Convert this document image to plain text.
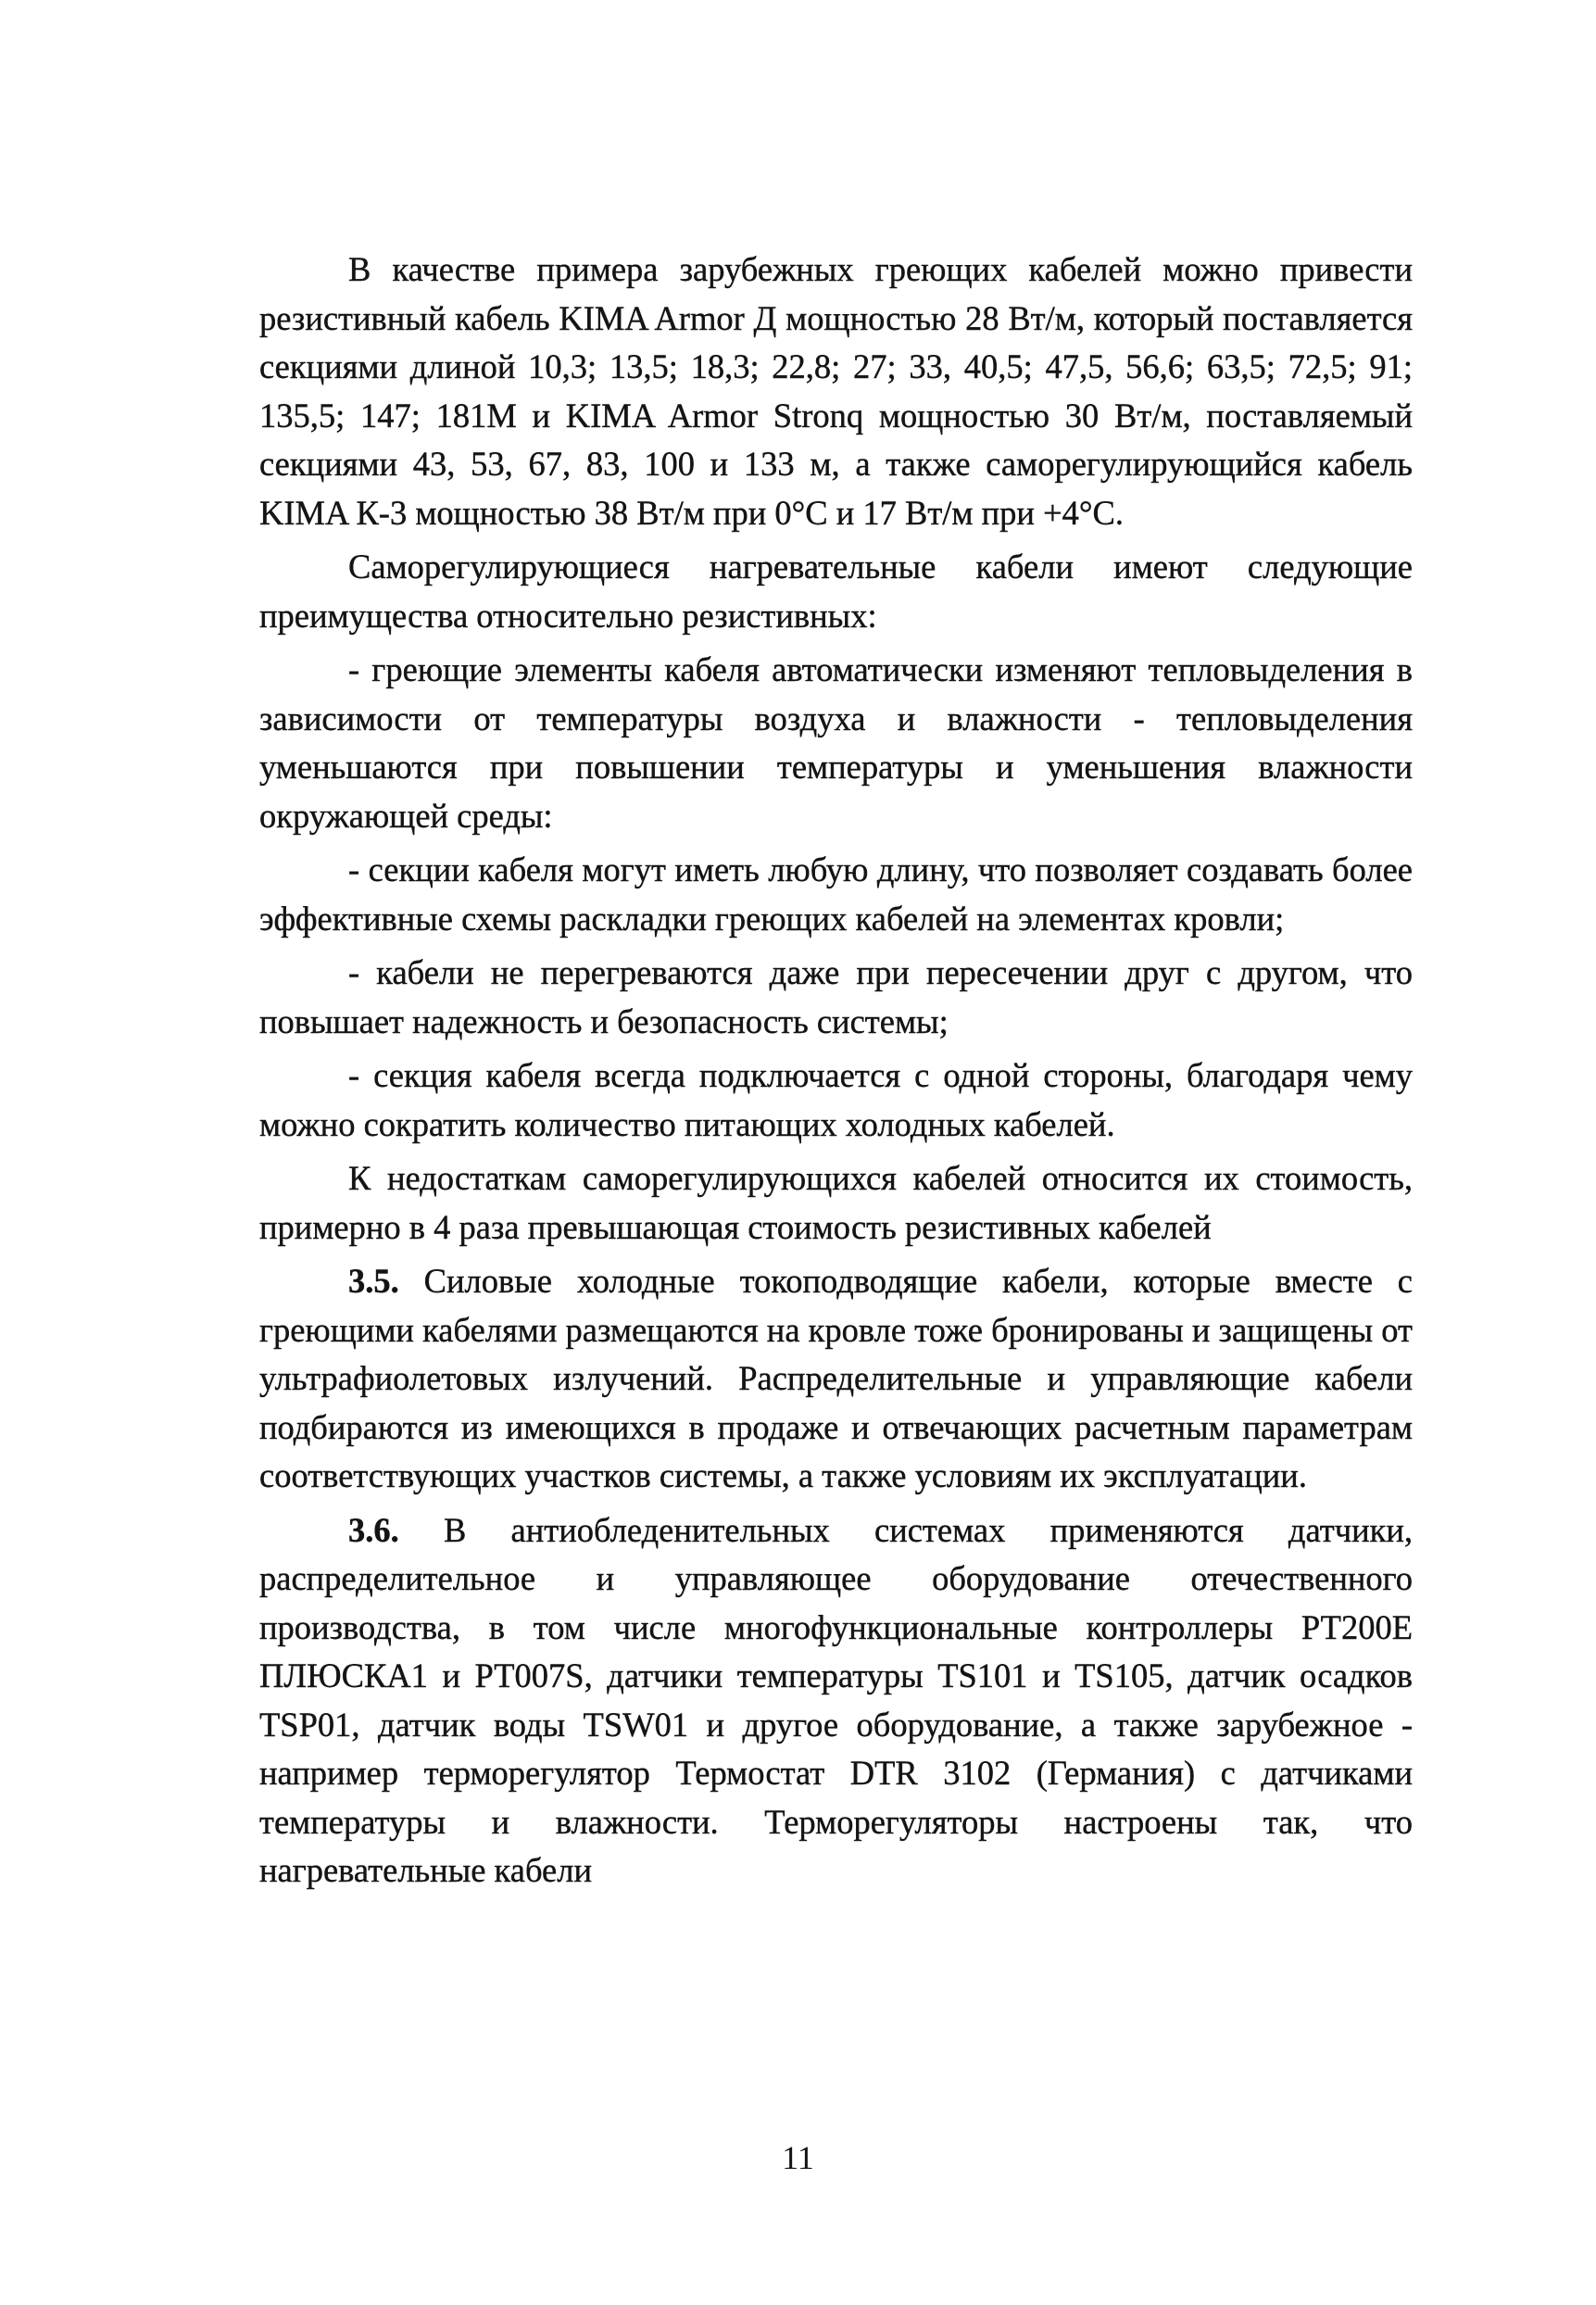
В качестве примера зарубежных греющих кабелей можно привести резистивный кабель KIMA Armor Д мощностью 28 Вт/м, который поставляется секциями длиной 10,3; 13,5; 18,3; 22,8; 27; 33, 40,5; 47,5, 56,6; 63,5; 72,5; 91; 135,5; 147; 181М и KIMA Armor Stronq мощностью 30 Вт/м, поставляемый секциями 43, 53, 67, 83, 100 и 133 м, а также саморегулирующийся кабель KIMA К-3 мощностью 38 Вт/м при 0°С и 17 Вт/м при +4°С.

Саморегулирующиеся нагревательные кабели имеют следующие преимущества относительно резистивных:

- греющие элементы кабеля автоматически изменяют тепловыделения в зависимости от температуры воздуха и влажности - тепловыделения уменьшаются при повышении температуры и уменьшения влажности окружающей среды:

- секции кабеля могут иметь любую длину, что позволяет создавать более эффективные схемы раскладки греющих кабелей на элементах кровли;

- кабели не перегреваются даже при пересечении друг с другом, что повышает надежность и безопасность системы;

- секция кабеля всегда подключается с одной стороны, благодаря чему можно сократить количество питающих холодных кабелей.

К недостаткам саморегулирующихся кабелей относится их стоимость, примерно в 4 раза превышающая стоимость резистивных кабелей

3.5. Силовые холодные токоподводящие кабели, которые вместе с греющими кабелями размещаются на кровле тоже бронированы и защищены от ультрафиолетовых излучений. Распределительные и управляющие кабели подбираются из имеющихся в продаже и отвечающих расчетным параметрам соответствующих участков системы, а также условиям их эксплуатации.

3.6. В антиобледенительных системах применяются датчики, распределительное и управляющее оборудование отечественного производства, в том числе многофункциональные контроллеры РТ200Е ПЛЮСКА1 и РТ007S, датчики температуры TS101 и TS105, датчик осадков TSP01, датчик воды TSW01 и другое оборудование, а также зарубежное - например терморегулятор Термостат DTR 3102 (Германия) с датчиками температуры и влажности. Терморегуляторы настроены так, что нагревательные кабели

11
